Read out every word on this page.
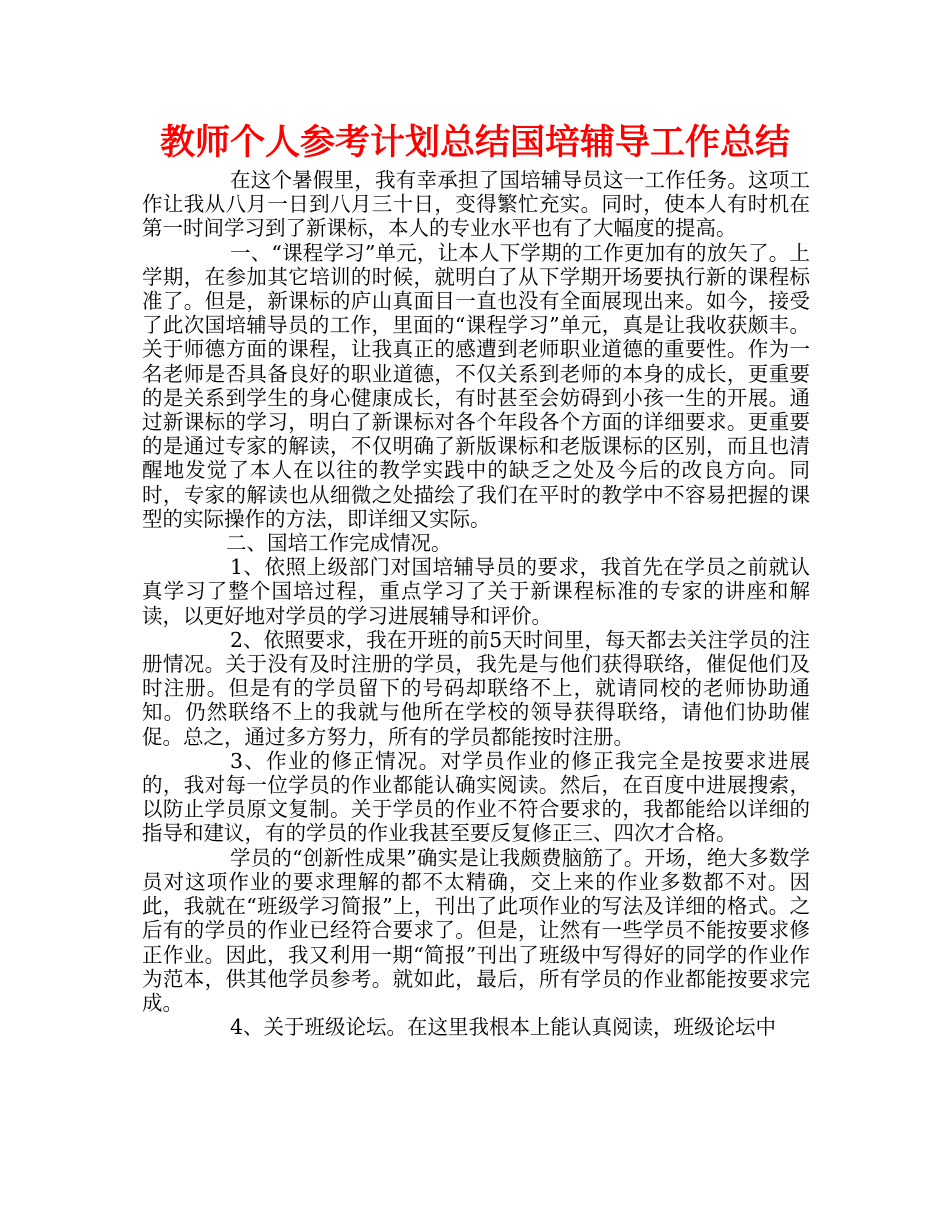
教师个人参考计划总结国培辅导工作总结

在这个暑假里，我有幸承担了国培辅导员这一工作任务。这项工作让我从八月一日到八月三十日，变得繁忙充实。同时，使本人有时机在第一时间学习到了新课标，本人的专业水平也有了大幅度的提高。

一、“课程学习”单元，让本人下学期的工作更加有的放矢了。上学期，在参加其它培训的时候，就明白了从下学期开场要执行新的课程标准了。但是，新课标的庐山真面目一直也没有全面展现出来。如今，接受了此次国培辅导员的工作，里面的“课程学习”单元，真是让我收获颇丰。关于师德方面的课程，让我真正的感遭到老师职业道德的重要性。作为一名老师是否具备良好的职业道德，不仅关系到老师的本身的成长，更重要的是关系到学生的身心健康成长，有时甚至会妨碍到小孩一生的开展。通过新课标的学习，明白了新课标对各个年段各个方面的详细要求。更重要的是通过专家的解读，不仅明确了新版课标和老版课标的区别，而且也清醒地发觉了本人在以往的教学实践中的缺乏之处及今后的改良方向。同时，专家的解读也从细微之处描绘了我们在平时的教学中不容易把握的课型的实际操作的方法，即详细又实际。

二、国培工作完成情况。

1、依照上级部门对国培辅导员的要求，我首先在学员之前就认真学习了整个国培过程，重点学习了关于新课程标准的专家的讲座和解读，以更好地对学员的学习进展辅导和评价。

2、依照要求，我在开班的前5天时间里，每天都去关注学员的注册情况。关于没有及时注册的学员，我先是与他们获得联络，催促他们及时注册。但是有的学员留下的号码却联络不上，就请同校的老师协助通知。仍然联络不上的我就与他所在学校的领导获得联络，请他们协助催促。总之，通过多方努力，所有的学员都能按时注册。

3、作业的修正情况。对学员作业的修正我完全是按要求进展的，我对每一位学员的作业都能认确实阅读。然后，在百度中进展搜索，以防止学员原文复制。关于学员的作业不符合要求的，我都能给以详细的指导和建议，有的学员的作业我甚至要反复修正三、四次才合格。

学员的“创新性成果”确实是让我颇费脑筋了。开场，绝大多数学员对这项作业的要求理解的都不太精确，交上来的作业多数都不对。因此，我就在“班级学习简报”上，刊出了此项作业的写法及详细的格式。之后有的学员的作业已经符合要求了。但是，让然有一些学员不能按要求修正作业。因此，我又利用一期“简报”刊出了班级中写得好的同学的作业作为范本，供其他学员参考。就如此，最后，所有学员的作业都能按要求完成。

4、关于班级论坛。在这里我根本上能认真阅读，班级论坛中
